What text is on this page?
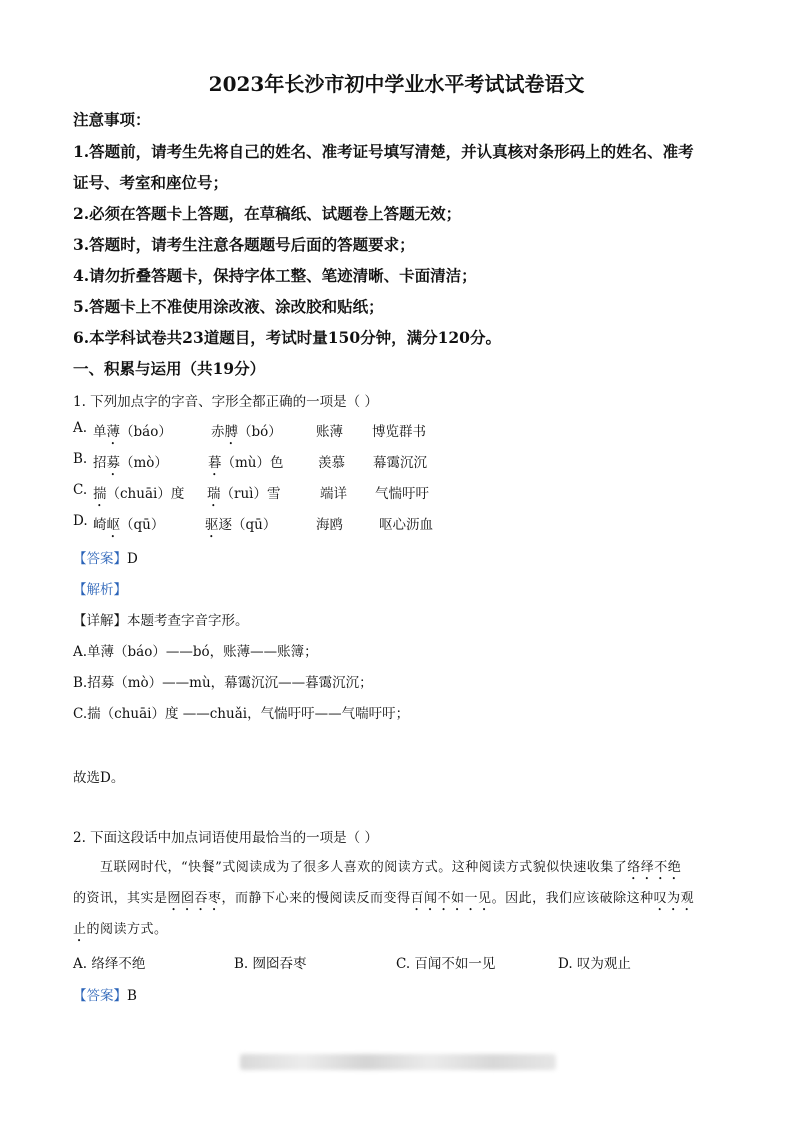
2023年长沙市初中学业水平考试试卷语文
注意事项：
1.答题前，请考生先将自己的姓名、准考证号填写清楚，并认真核对条形码上的姓名、准考
证号、考室和座位号；
2.必须在答题卡上答题，在草稿纸、试题卷上答题无效；
3.答题时，请考生注意各题题号后面的答题要求；
4.请勿折叠答题卡，保持字体工整、笔迹清晰、卡面清洁；
5.答题卡上不准使用涂改液、涂改胶和贴纸；
6.本学科试卷共23道题目，考试时量150分钟，满分120分。
一、积累与运用（共19分）
1. 下列加点字的字音、字形全都正确的一项是（ ）
A. 单薄（báo）	赤膊（bó）	账薄 博览群书
B. 招募（mò）	暮（mù）色	羡慕 幕霭沉沉
C. 揣（chuāi）度 瑞（ruì）雪	端详 气惴吁吁
D. 崎岖（qū）	驱逐（qū）	海鸥	呕心沥血
【答案】D
【解析】
【详解】本题考查字音字形。
A.单薄（báo）——bó，账薄——账簿；
B.招募（mò）——mù，幕霭沉沉——暮霭沉沉；
C.揣（chuāi）度 ——chuǎi，气惴吁吁——气喘吁吁；
故选D。
2. 下面这段话中加点词语使用最恰当的一项是（ ）
互联网时代，“快餐”式阅读成为了很多人喜欢的阅读方式。这种阅读方式貌似快速收集了络绎不绝
的资讯，其实是囫囵吞枣，而静下心来的慢阅读反而变得百闻不如一见。因此，我们应该破除这种叹为观
止的阅读方式。
A. 络绎不绝	B. 囫囵吞枣	C. 百闻不如一见	D. 叹为观止
【答案】B
